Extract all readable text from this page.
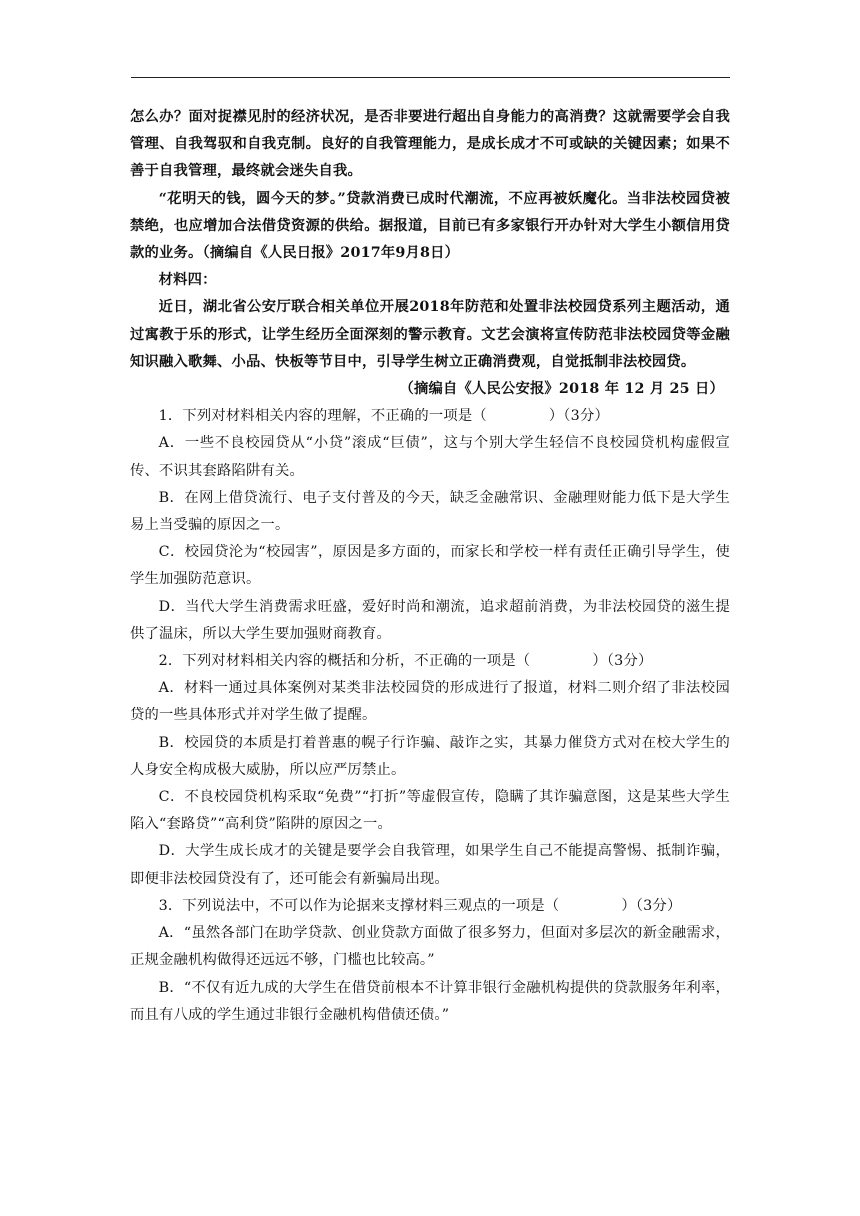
怎么办？面对捉襟见肘的经济状况，是否非要进行超出自身能力的高消费？这就需要学会自我管理、自我驾驭和自我克制。良好的自我管理能力，是成长成才不可或缺的关键因素；如果不善于自我管理，最终就会迷失自我。

“花明天的钱，圆今天的梦。”贷款消费已成时代潮流，不应再被妖魔化。当非法校园贷被禁绝，也应增加合法借贷资源的供给。据报道，目前已有多家银行开办针对大学生小额信用贷款的业务。（摘编自《人民日报》2017年9月8日）

材料四：

近日，湖北省公安厅联合相关单位开展2018年防范和处置非法校园贷系列主题活动，通过寓教于乐的形式，让学生经历全面深刻的警示教育。文艺会演将宣传防范非法校园贷等金融知识融入歌舞、小品、快板等节目中，引导学生树立正确消费观，自觉抵制非法校园贷。

（摘编自《人民公安报》2018 年 12 月 25 日）

1．下列对材料相关内容的理解，不正确的一项是（	）（3分）

A．一些不良校园贷从“小贷”滚成“巨债”，这与个别大学生轻信不良校园贷机构虚假宣传、不识其套路陷阱有关。

B．在网上借贷流行、电子支付普及的今天，缺乏金融常识、金融理财能力低下是大学生易上当受骗的原因之一。

C．校园贷沦为“校园害”，原因是多方面的，而家长和学校一样有责任正确引导学生，使学生加强防范意识。

D．当代大学生消费需求旺盛，爱好时尚和潮流，追求超前消费，为非法校园贷的滋生提供了温床，所以大学生要加强财商教育。

2．下列对材料相关内容的概括和分析，不正确的一项是（	）（3分）

A．材料一通过具体案例对某类非法校园贷的形成进行了报道，材料二则介绍了非法校园贷的一些具体形式并对学生做了提醒。

B．校园贷的本质是打着普惠的幌子行诈骗、敲诈之实，其暴力催贷方式对在校大学生的人身安全构成极大威胁，所以应严厉禁止。

C．不良校园贷机构采取“免费”“打折”等虚假宣传，隐瞒了其诈骗意图，这是某些大学生陷入“套路贷”“高利贷”陷阱的原因之一。

D．大学生成长成才的关键是要学会自我管理，如果学生自己不能提高警惕、抵制诈骗，即便非法校园贷没有了，还可能会有新骗局出现。

3．下列说法中，不可以作为论据来支撑材料三观点的一项是（	）（3分）

A．“虽然各部门在助学贷款、创业贷款方面做了很多努力，但面对多层次的新金融需求，正规金融机构做得还远远不够，门槛也比较高。”

B．“不仅有近九成的大学生在借贷前根本不计算非银行金融机构提供的贷款服务年利率，而且有八成的学生通过非银行金融机构借债还债。”
